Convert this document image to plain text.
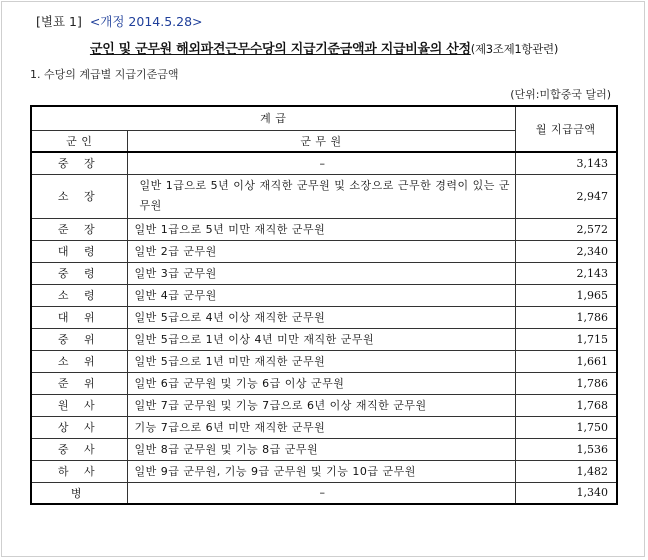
[별표 1] <개정 2014.5.28>
군인 및 군무원 해외파견근무수당의 지급기준금액과 지급비율의 산정(제3조제1항관련)
1. 수당의 계급별 지급기준금액
(단위:미합중국 달러)
계 급		월 지급금액
군 인	군 무 원	
중 장	–	3,143
소 장	일반 1급으로 5년 이상 재직한 군무원 및 소장으로 근무한 경력이 있는 군무원	2,947
준 장	일반 1급으로 5년 미만 재직한 군무원	2,572
대 령	일반 2급 군무원	2,340
중 령	일반 3급 군무원	2,143
소 령	일반 4급 군무원	1,965
대 위	일반 5급으로 4년 이상 재직한 군무원	1,786
중 위	일반 5급으로 1년 이상 4년 미만 재직한 군무원	1,715
소 위	일반 5급으로 1년 미만 재직한 군무원	1,661
준 위	일반 6급 군무원 및 기능 6급 이상 군무원	1,786
원 사	일반 7급 군무원 및 기능 7급으로 6년 이상 재직한 군무원	1,768
상 사	기능 7급으로 6년 미만 재직한 군무원	1,750
중 사	일반 8급 군무원 및 기능 8급 군무원	1,536
하 사	일반 9급 군무원, 기능 9급 군무원 및 기능 10급 군무원	1,482
병	–	1,340
